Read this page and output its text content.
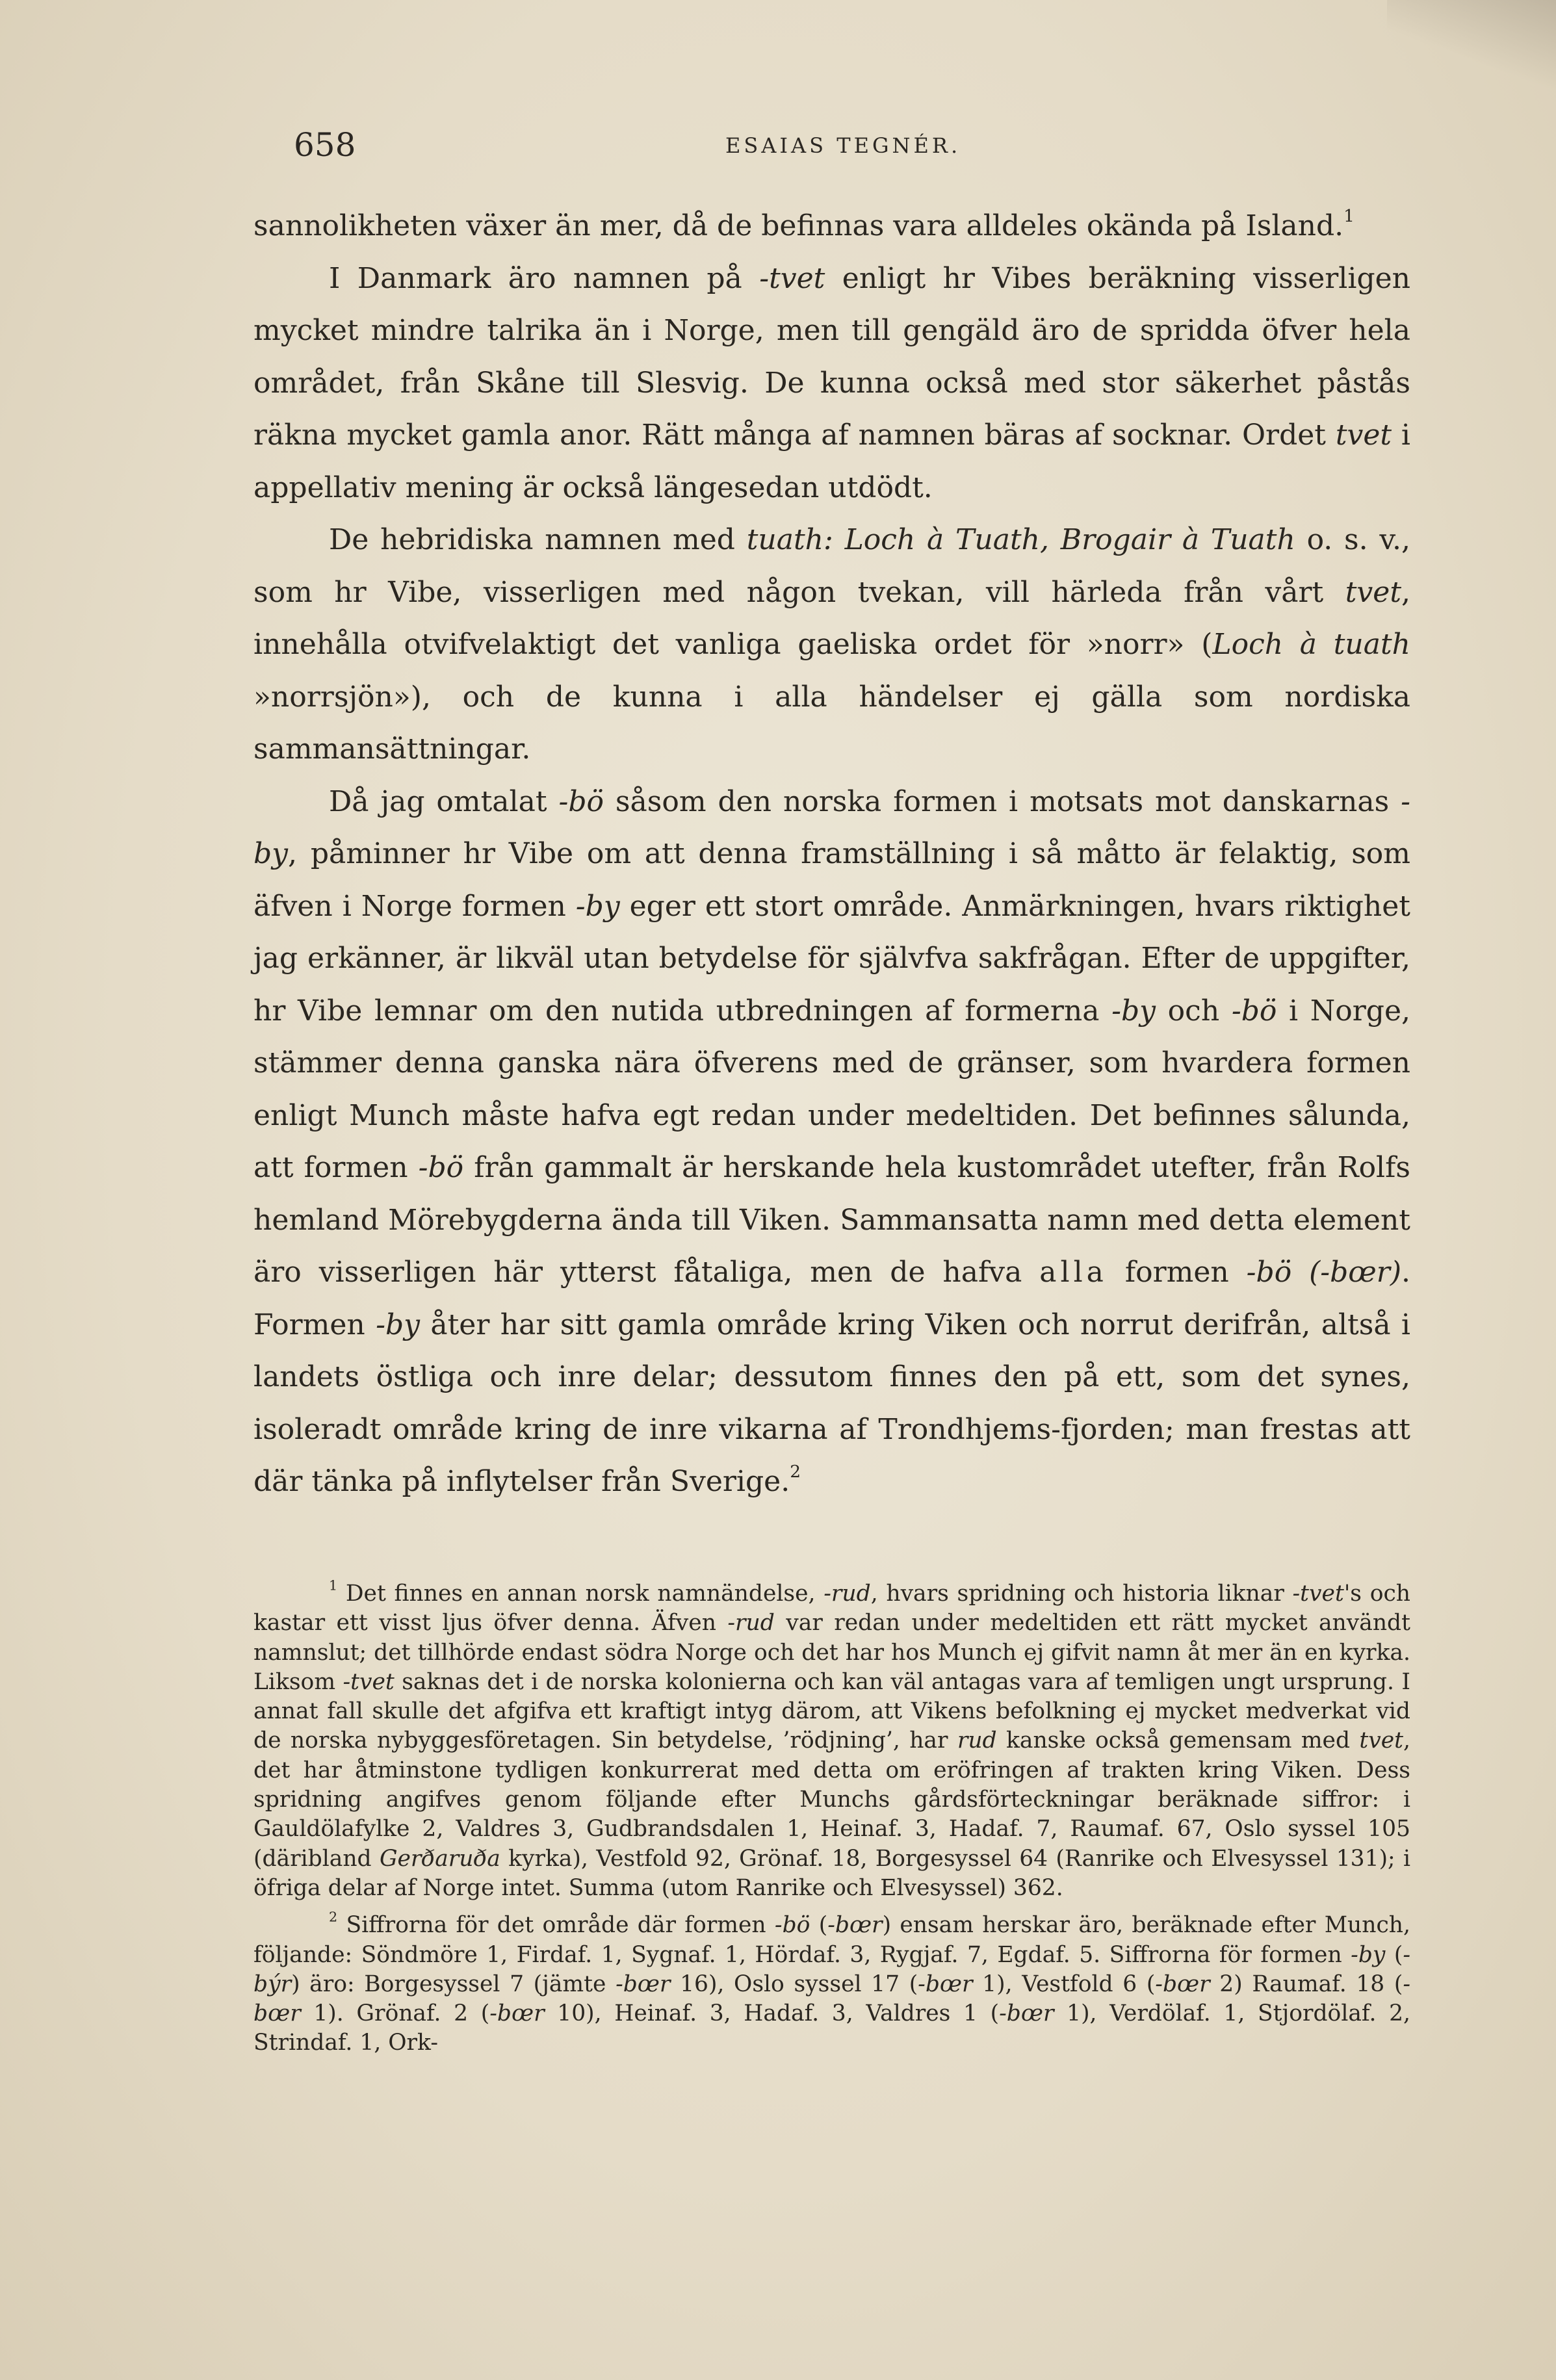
658	ESAIAS TEGNÉR.

sannolikheten växer än mer, då de befinnas vara alldeles okända på Island.$^1$

I Danmark äro namnen på -tvet enligt hr Vibes beräkning visserligen mycket mindre talrika än i Norge, men till gengäld äro de spridda öfver hela området, från Skåne till Slesvig. De kunna också med stor säkerhet påstås räkna mycket gamla anor. Rätt många af namnen bäras af socknar. Ordet tvet i appellativ mening är också längesedan utdödt.

De hebridiska namnen med tuath: Loch à Tuath, Brogair à Tuath o. s. v., som hr Vibe, visserligen med någon tvekan, vill härleda från vårt tvet, innehålla otvifvelaktigt det vanliga gaeliska ordet för »norr» (Loch à tuath »norrsjön»), och de kunna i alla händelser ej gälla som nordiska sammansättningar.

Då jag omtalat -bö såsom den norska formen i motsats mot danskarnas -by, påminner hr Vibe om att denna framställning i så måtto är felaktig, som äfven i Norge formen -by eger ett stort område. Anmärkningen, hvars riktighet jag erkänner, är likväl utan betydelse för självfva sakfrågan. Efter de uppgifter, hr Vibe lemnar om den nutida utbredningen af formerna -by och -bö i Norge, stämmer denna ganska nära öfverens med de gränser, som hvardera formen enligt Munch måste hafva egt redan under medeltiden. Det befinnes sålunda, att formen -bö från gammalt är herskande hela kustområdet utefter, från Rolfs hemland Mörebygderna ända till Viken. Sammansatta namn med detta element äro visserligen här ytterst fåtaliga, men de hafva alla formen -bö (-bœr). Formen -by åter har sitt gamla område kring Viken och norrut derifrån, altså i landets östliga och inre delar; dessutom finnes den på ett, som det synes, isoleradt område kring de inre vikarna af Trondhjems-fjorden; man frestas att där tänka på inflytelser från Sverige.$^2$

$^1$ Det finnes en annan norsk namnändelse, -rud, hvars spridning och historia liknar -tvet's och kastar ett visst ljus öfver denna. Äfven -rud var redan under medeltiden ett rätt mycket användt namnslut; det tillhörde endast södra Norge och det har hos Munch ej gifvit namn åt mer än en kyrka. Liksom -tvet saknas det i de norska kolonierna och kan väl antagas vara af temligen ungt ursprung. I annat fall skulle det afgifva ett kraftigt intyg därom, att Vikens befolkning ej mycket medverkat vid de norska nybyggesföretagen. Sin betydelse, ’rödjning’, har rud kanske också gemensam med tvet, det har åtminstone tydligen konkurrerat med detta om eröfringen af trakten kring Viken. Dess spridning angifves genom följande efter Munchs gårdsförteckningar beräknade siffror: i Gauldölafylke 2, Valdres 3, Gudbrandsdalen 1, Heinaf. 3, Hadaf. 7, Raumaf. 67, Oslo syssel 105 (däribland Gerðaruða kyrka), Vestfold 92, Grönaf. 18, Borgesyssel 64 (Ranrike och Elvesyssel 131); i öfriga delar af Norge intet. Summa (utom Ranrike och Elvesyssel) 362.

$^2$ Siffrorna för det område där formen -bö (-bœr) ensam herskar äro, beräknade efter Munch, följande: Söndmöre 1, Firdaf. 1, Sygnaf. 1, Hördaf. 3, Rygjaf. 7, Egdaf. 5. Siffrorna för formen -by (-býr) äro: Borgesyssel 7 (jämte -bœr 16), Oslo syssel 17 (-bœr 1), Vestfold 6 (-bœr 2) Raumaf. 18 (-bœr 1). Grönaf. 2 (-bœr 10), Heinaf. 3, Hadaf. 3, Valdres 1 (-bœr 1), Verdölaf. 1, Stjordölaf. 2, Strindaf. 1, Ork-
